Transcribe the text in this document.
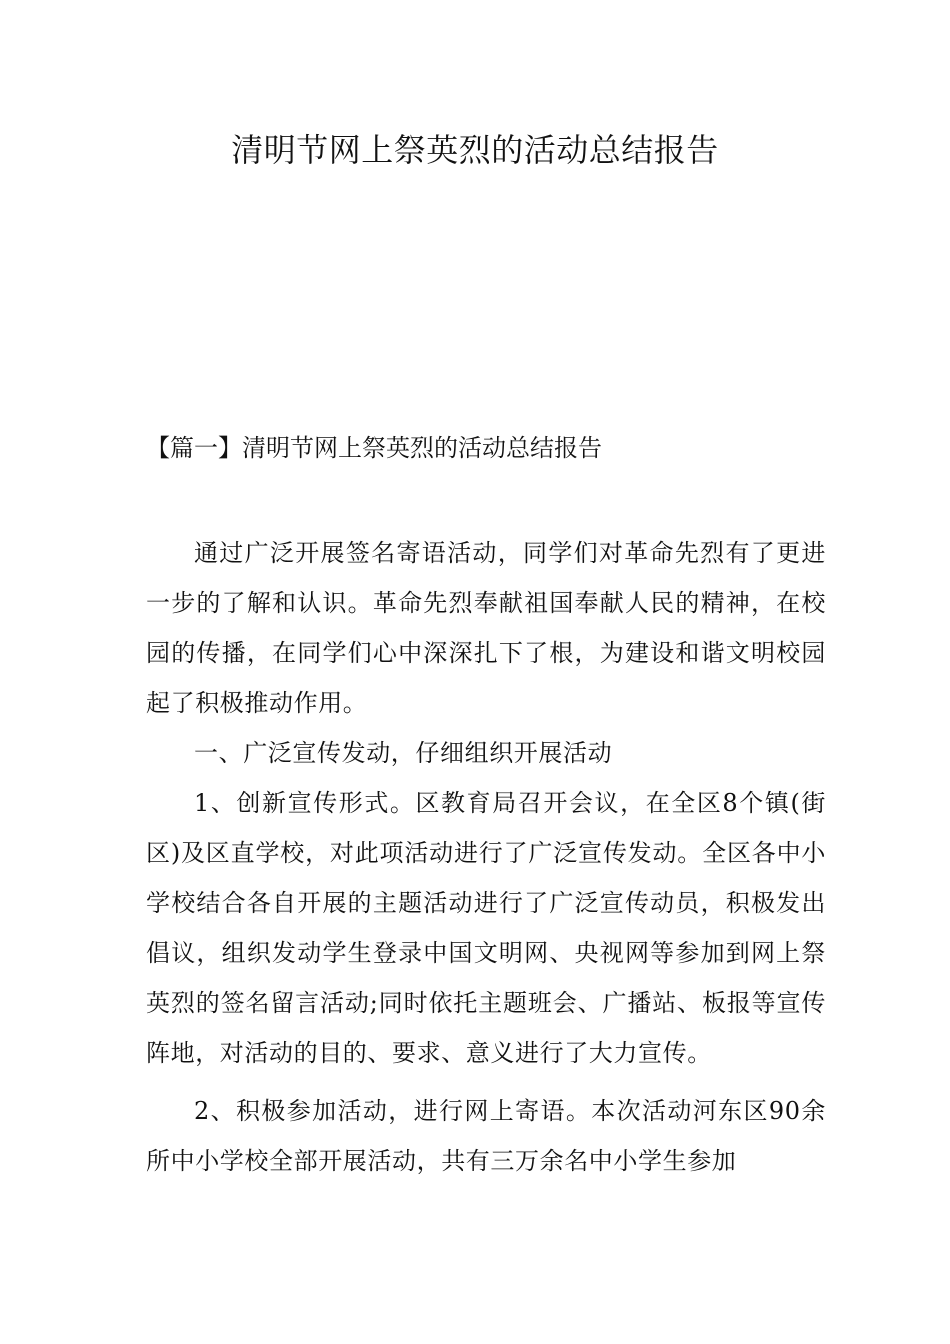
清明节网上祭英烈的活动总结报告
【篇一】清明节网上祭英烈的活动总结报告

通过广泛开展签名寄语活动，同学们对革命先烈有了更进一步的了解和认识。革命先烈奉献祖国奉献人民的精神，在校园的传播，在同学们心中深深扎下了根，为建设和谐文明校园起了积极推动作用。

一、广泛宣传发动，仔细组织开展活动

1、创新宣传形式。区教育局召开会议，在全区8个镇(街区)及区直学校，对此项活动进行了广泛宣传发动。全区各中小学校结合各自开展的主题活动进行了广泛宣传动员，积极发出倡议，组织发动学生登录中国文明网、央视网等参加到网上祭英烈的签名留言活动;同时依托主题班会、广播站、板报等宣传阵地，对活动的目的、要求、意义进行了大力宣传。

2、积极参加活动，进行网上寄语。本次活动河东区90余所中小学校全部开展活动，共有三万余名中小学生参加
